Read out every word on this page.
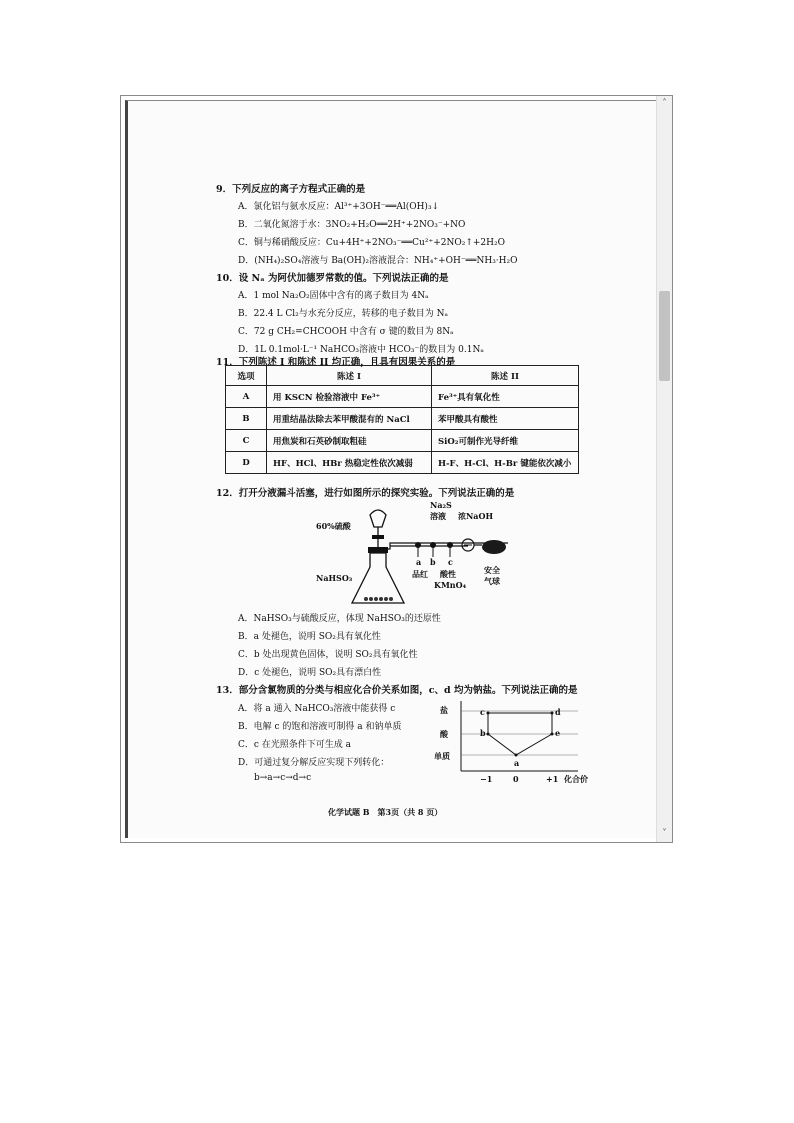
9．下列反应的离子方程式正确的是
A．氯化铝与氨水反应：Al³⁺+3OH⁻══Al(OH)₃↓
B．二氧化氮溶于水：3NO₂+H₂O══2H⁺+2NO₃⁻+NO
C．铜与稀硝酸反应：Cu+4H⁺+2NO₃⁻══Cu²⁺+2NO₂↑+2H₂O
D．(NH₄)₂SO₄溶液与 Ba(OH)₂溶液混合：NH₄⁺+OH⁻══NH₃·H₂O
10．设 Nₐ 为阿伏加德罗常数的值。下列说法正确的是
A．1 mol Na₂O₂固体中含有的离子数目为 4Nₐ
B．22.4 L Cl₂与水充分反应，转移的电子数目为 Nₐ
C．72 g CH₂=CHCOOH 中含有 σ 键的数目为 8Nₐ
D．1L 0.1mol·L⁻¹ NaHCO₃溶液中 HCO₃⁻的数目为 0.1Nₐ
11．下列陈述 I 和陈述 II 均正确，且具有因果关系的是
选项	陈述 I	陈述 II
A	用 KSCN 检验溶液中 Fe³⁺	Fe³⁺具有氧化性
B	用重结晶法除去苯甲酸混有的 NaCl	苯甲酸具有酸性
C	用焦炭和石英砂制取粗硅	SiO₂可制作光导纤维
D	HF、HCl、HBr 热稳定性依次减弱	H-F、H-Cl、H-Br 键能依次减小
12．打开分液漏斗活塞，进行如图所示的探究实验。下列说法正确的是
60%硫酸
Na₂S
溶液 浓NaOH
a b c
NaHSO₃	品红 酸性
KMnO₄
安全
气球
A．NaHSO₃与硫酸反应，体现 NaHSO₃的还原性
B．a 处褪色，说明 SO₂具有氧化性
C．b 处出现黄色固体，说明 SO₂具有氧化性
D．c 处褪色，说明 SO₂具有漂白性
13．部分含氯物质的分类与相应化合价关系如图，c、d 均为钠盐。下列说法正确的是
A．将 a 通入 NaHCO₃溶液中能获得 c
B．电解 c 的饱和溶液可制得 a 和钠单质
C．c 在光照条件下可生成 a
D．可通过复分解反应实现下列转化：
b→a→c→d→c
盐
酸
单质
c	d
b	e
a
−1	0	+1 化合价
化学试题 B　第3页（共 8 页）
˄
˅
